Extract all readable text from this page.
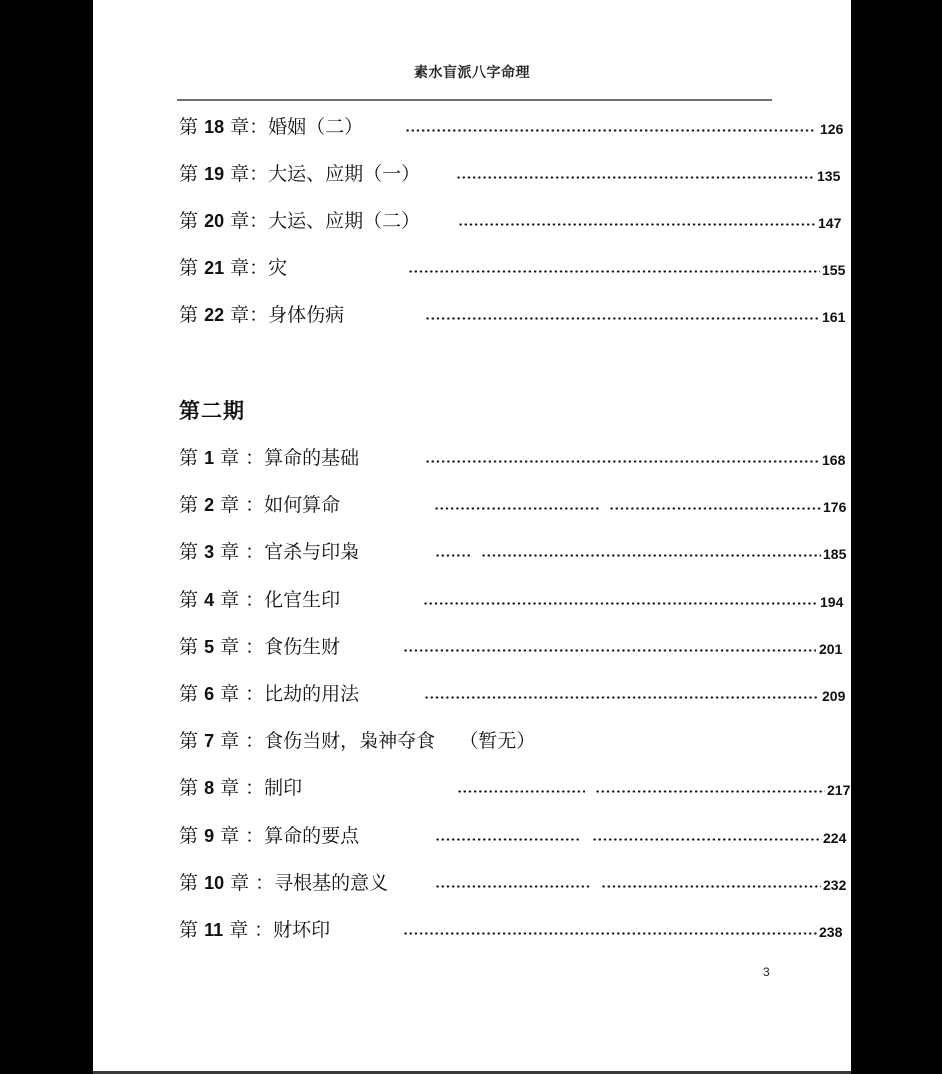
素水盲派八字命理
第 18 章：婚姻（二）	126
第 19 章：大运、应期（一）	135
第 20 章：大运、应期（二）	147
第 21 章：灾	155
第 22 章：身体伤病	161
第二期
第 1 章 ：算命的基础	168
第 2 章 ：如何算命	176
第 3 章 ：官杀与印枭	185
第 4 章 ：化官生印	194
第 5 章 ：食伤生财	201
第 6 章 ：比劫的用法	209
第 7 章 ：食伤当财，枭神夺食    （暂无）
第 8 章 ：制印	217
第 9 章 ：算命的要点	224
第 10 章 ：寻根基的意义	232
第 11 章 ：财坏印	238
3
